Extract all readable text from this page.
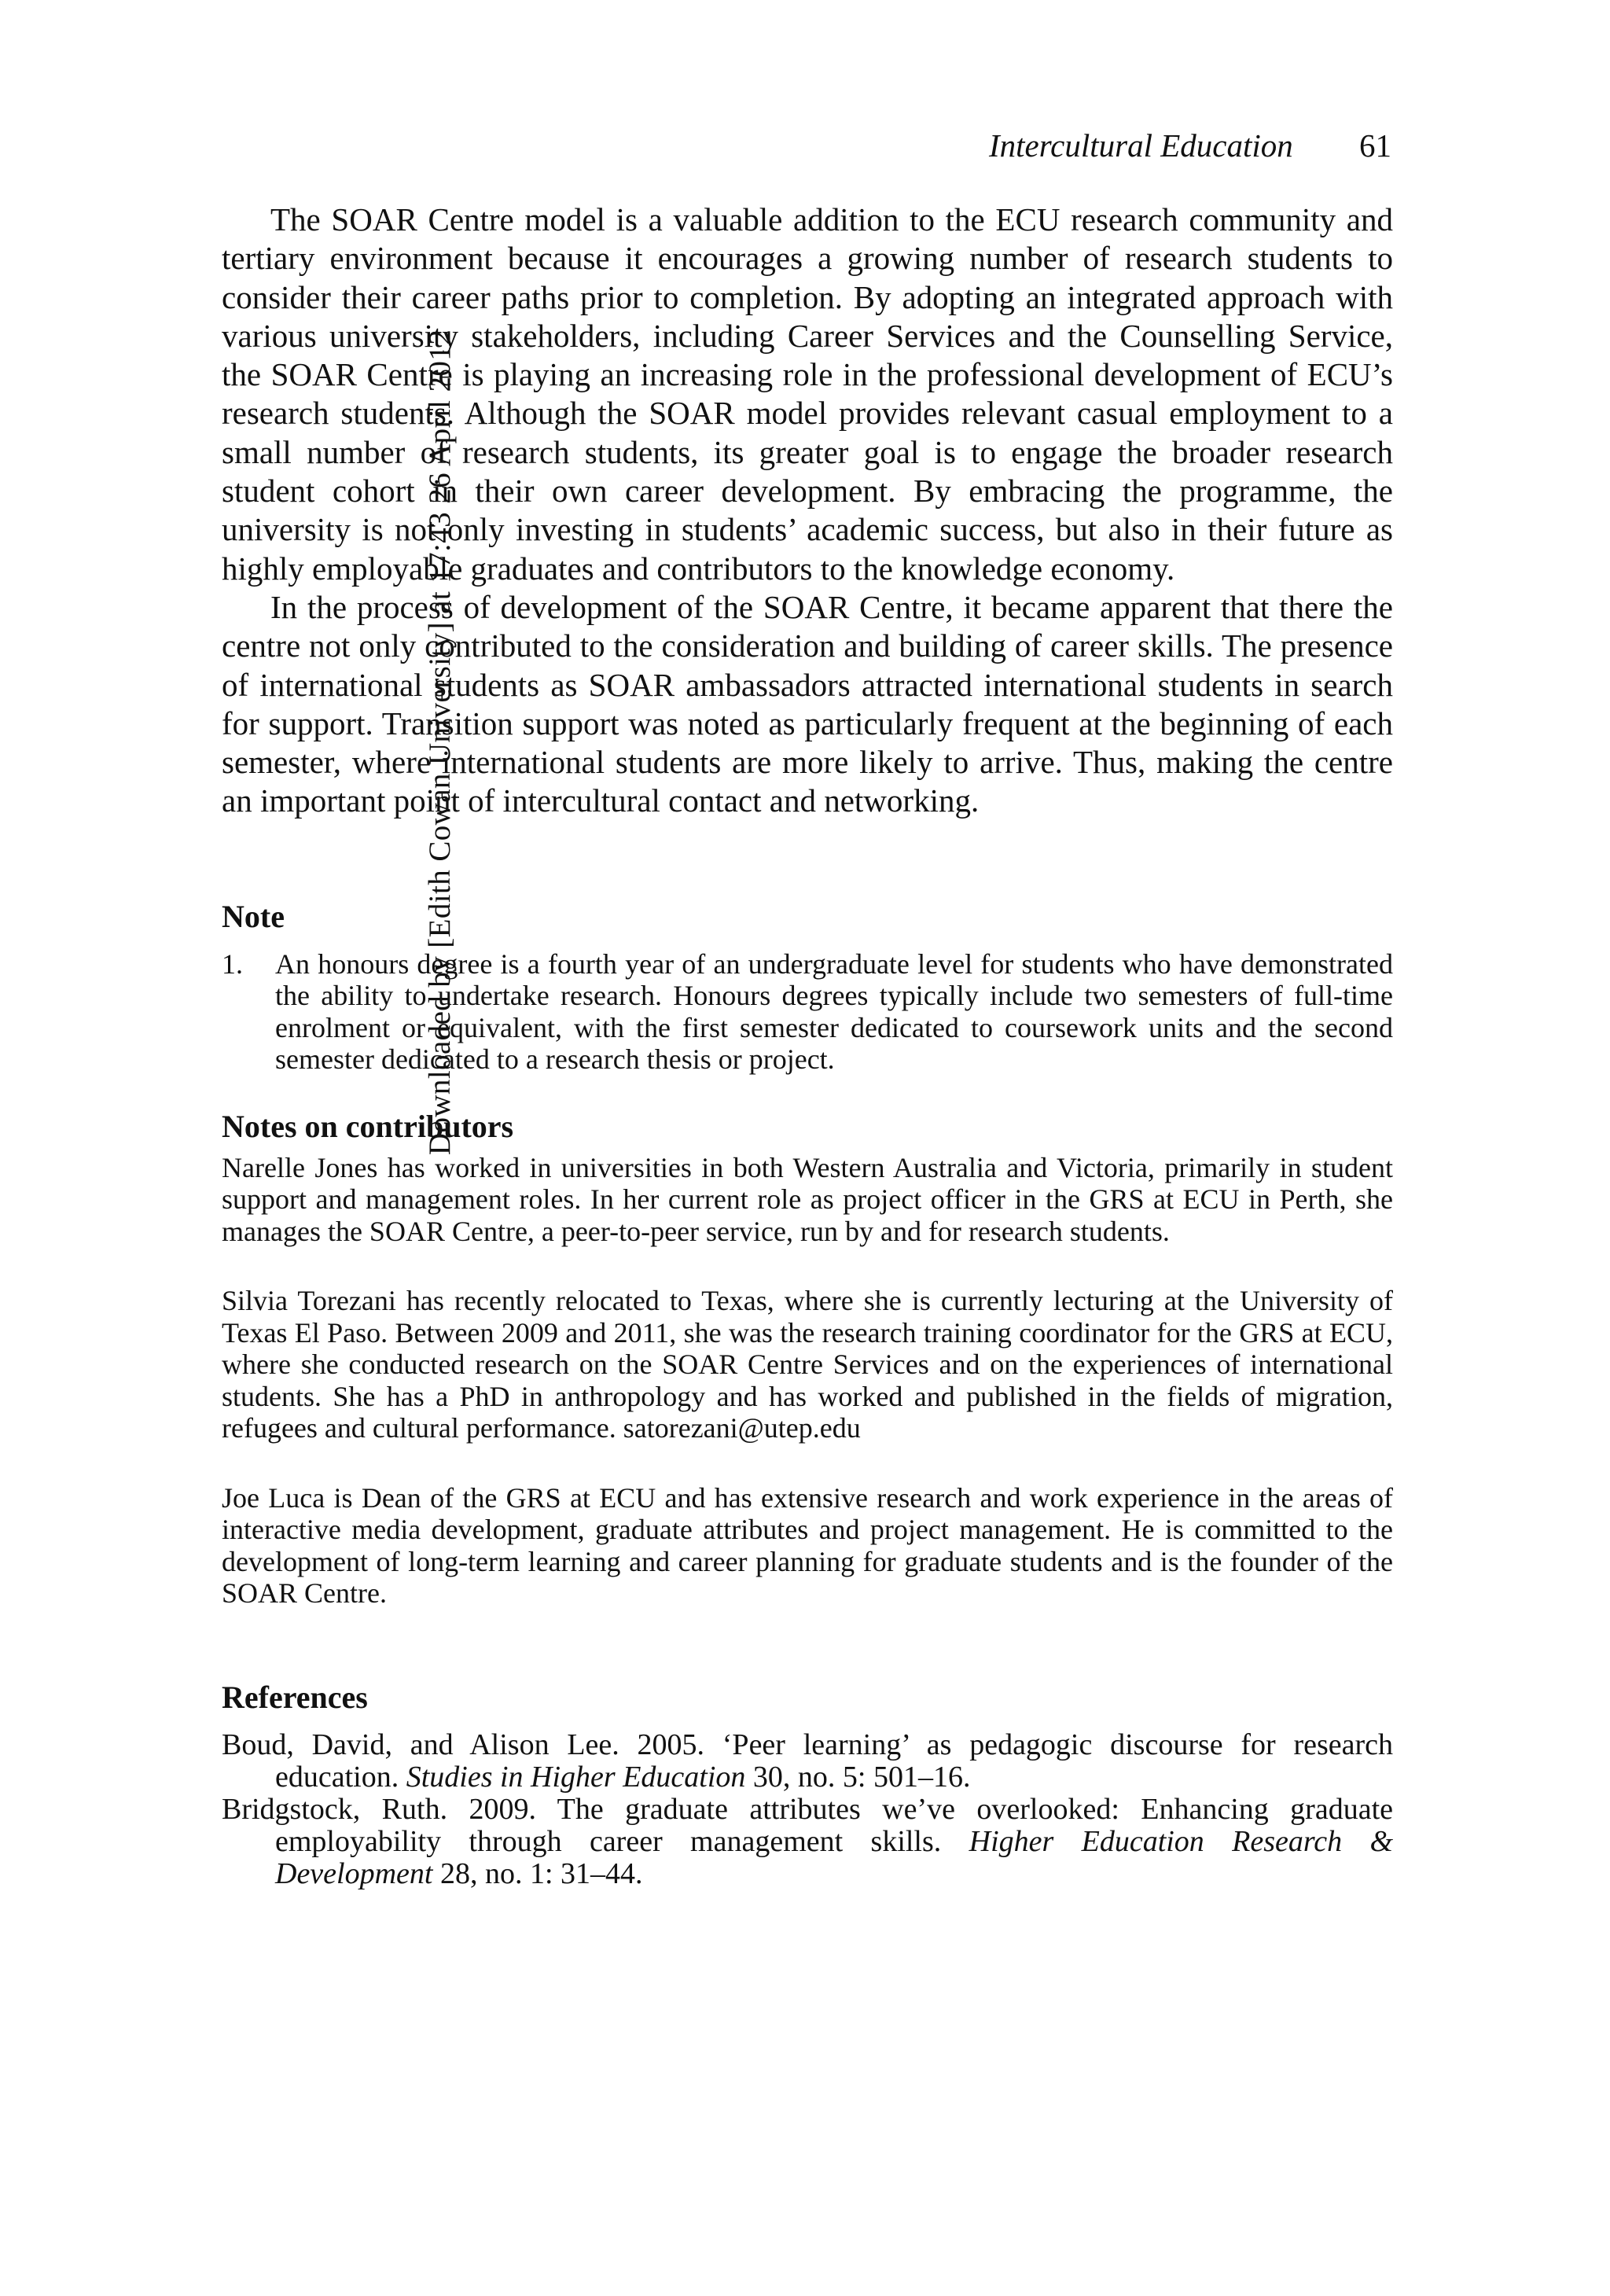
Downloaded by [Edith Cowan University] at 17:43 26 April 2012
Intercultural Education 61

The SOAR Centre model is a valuable addition to the ECU research community and tertiary environment because it encourages a growing number of research students to consider their career paths prior to completion. By adopting an integrated approach with various university stakeholders, including Career Services and the Counselling Service, the SOAR Centre is playing an increasing role in the professional development of ECU’s research students. Although the SOAR model provides relevant casual employment to a small number of research students, its greater goal is to engage the broader research student cohort in their own career development. By embracing the programme, the university is not only investing in students’ academic success, but also in their future as highly employable graduates and contributors to the knowledge economy.

In the process of development of the SOAR Centre, it became apparent that there the centre not only contributed to the consideration and building of career skills. The presence of international students as SOAR ambassadors attracted international students in search for support. Transition support was noted as particularly frequent at the beginning of each semester, where international students are more likely to arrive. Thus, making the centre an important point of intercultural contact and networking.

Note
1. An honours degree is a fourth year of an undergraduate level for students who have demonstrated the ability to undertake research. Honours degrees typically include two semesters of full-time enrolment or equivalent, with the first semester dedicated to coursework units and the second semester dedicated to a research thesis or project.
Notes on contributors

Narelle Jones has worked in universities in both Western Australia and Victoria, primarily in student support and management roles. In her current role as project officer in the GRS at ECU in Perth, she manages the SOAR Centre, a peer-to-peer service, run by and for research students.

Silvia Torezani has recently relocated to Texas, where she is currently lecturing at the University of Texas El Paso. Between 2009 and 2011, she was the research training coordinator for the GRS at ECU, where she conducted research on the SOAR Centre Services and on the experiences of international students. She has a PhD in anthropology and has worked and published in the fields of migration, refugees and cultural performance. satorezani@utep.edu

Joe Luca is Dean of the GRS at ECU and has extensive research and work experience in the areas of interactive media development, graduate attributes and project management. He is committed to the development of long-term learning and career planning for graduate students and is the founder of the SOAR Centre.

References

Boud, David, and Alison Lee. 2005. ‘Peer learning’ as pedagogic discourse for research education. Studies in Higher Education 30, no. 5: 501–16.

Bridgstock, Ruth. 2009. The graduate attributes we’ve overlooked: Enhancing graduate employability through career management skills. Higher Education Research & Development 28, no. 1: 31–44.
